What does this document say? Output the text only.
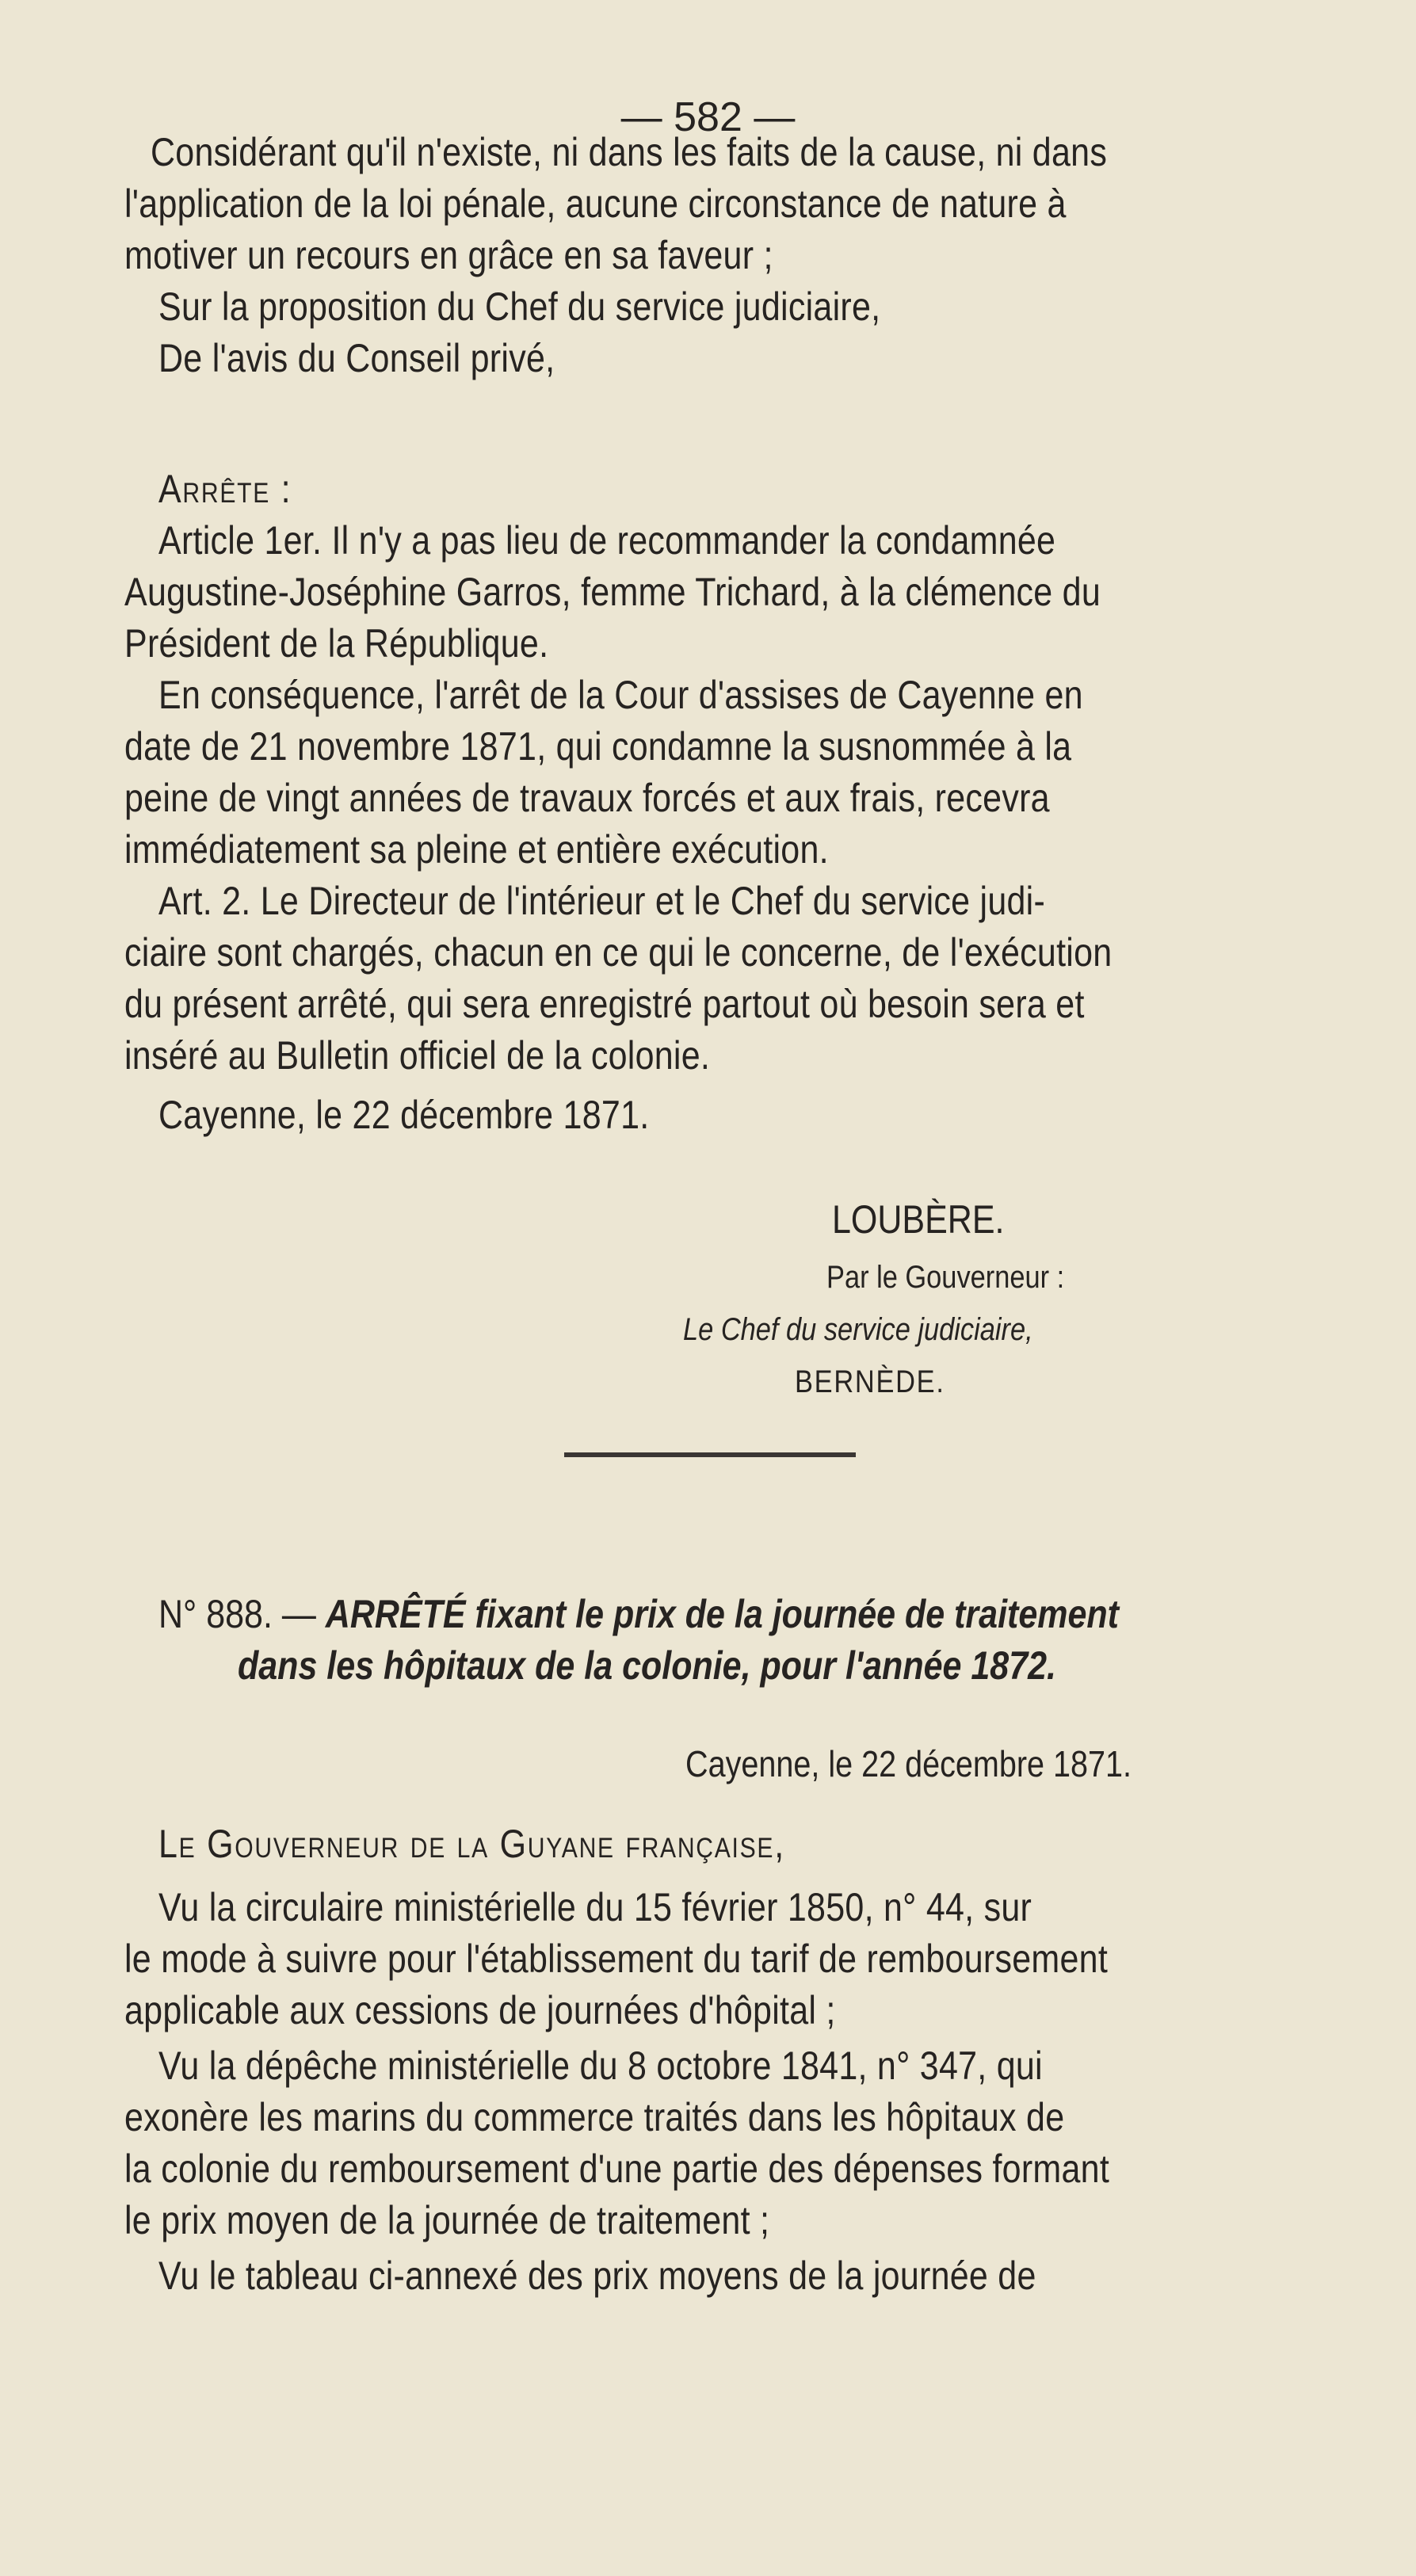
— 582 —
Considérant qu'il n'existe, ni dans les faits de la cause, ni dans
l'application de la loi pénale, aucune circonstance de nature à
motiver un recours en grâce en sa faveur ;
Sur la proposition du Chef du service judiciaire,
De l'avis du Conseil privé,
Arrête :
Article 1er. Il n'y a pas lieu de recommander la condamnée
Augustine-Joséphine Garros, femme Trichard, à la clémence du
Président de la République.
En conséquence, l'arrêt de la Cour d'assises de Cayenne en
date de 21 novembre 1871, qui condamne la susnommée à la
peine de vingt années de travaux forcés et aux frais, recevra
immédiatement sa pleine et entière exécution.
Art. 2. Le Directeur de l'intérieur et le Chef du service judi-
ciaire sont chargés, chacun en ce qui le concerne, de l'exécution
du présent arrêté, qui sera enregistré partout où besoin sera et
inséré au Bulletin officiel de la colonie.
Cayenne, le 22 décembre 1871.
LOUBÈRE.
Par le Gouverneur :
Le Chef du service judiciaire,
BERNÈDE.
N° 888. — ARRÊTÉ fixant le prix de la journée de traitement
dans les hôpitaux de la colonie, pour l'année 1872.
Cayenne, le 22 décembre 1871.
Le Gouverneur de la Guyane française,
Vu la circulaire ministérielle du 15 février 1850, n° 44, sur
le mode à suivre pour l'établissement du tarif de remboursement
applicable aux cessions de journées d'hôpital ;
Vu la dépêche ministérielle du 8 octobre 1841, n° 347, qui
exonère les marins du commerce traités dans les hôpitaux de
la colonie du remboursement d'une partie des dépenses formant
le prix moyen de la journée de traitement ;
Vu le tableau ci-annexé des prix moyens de la journée de
